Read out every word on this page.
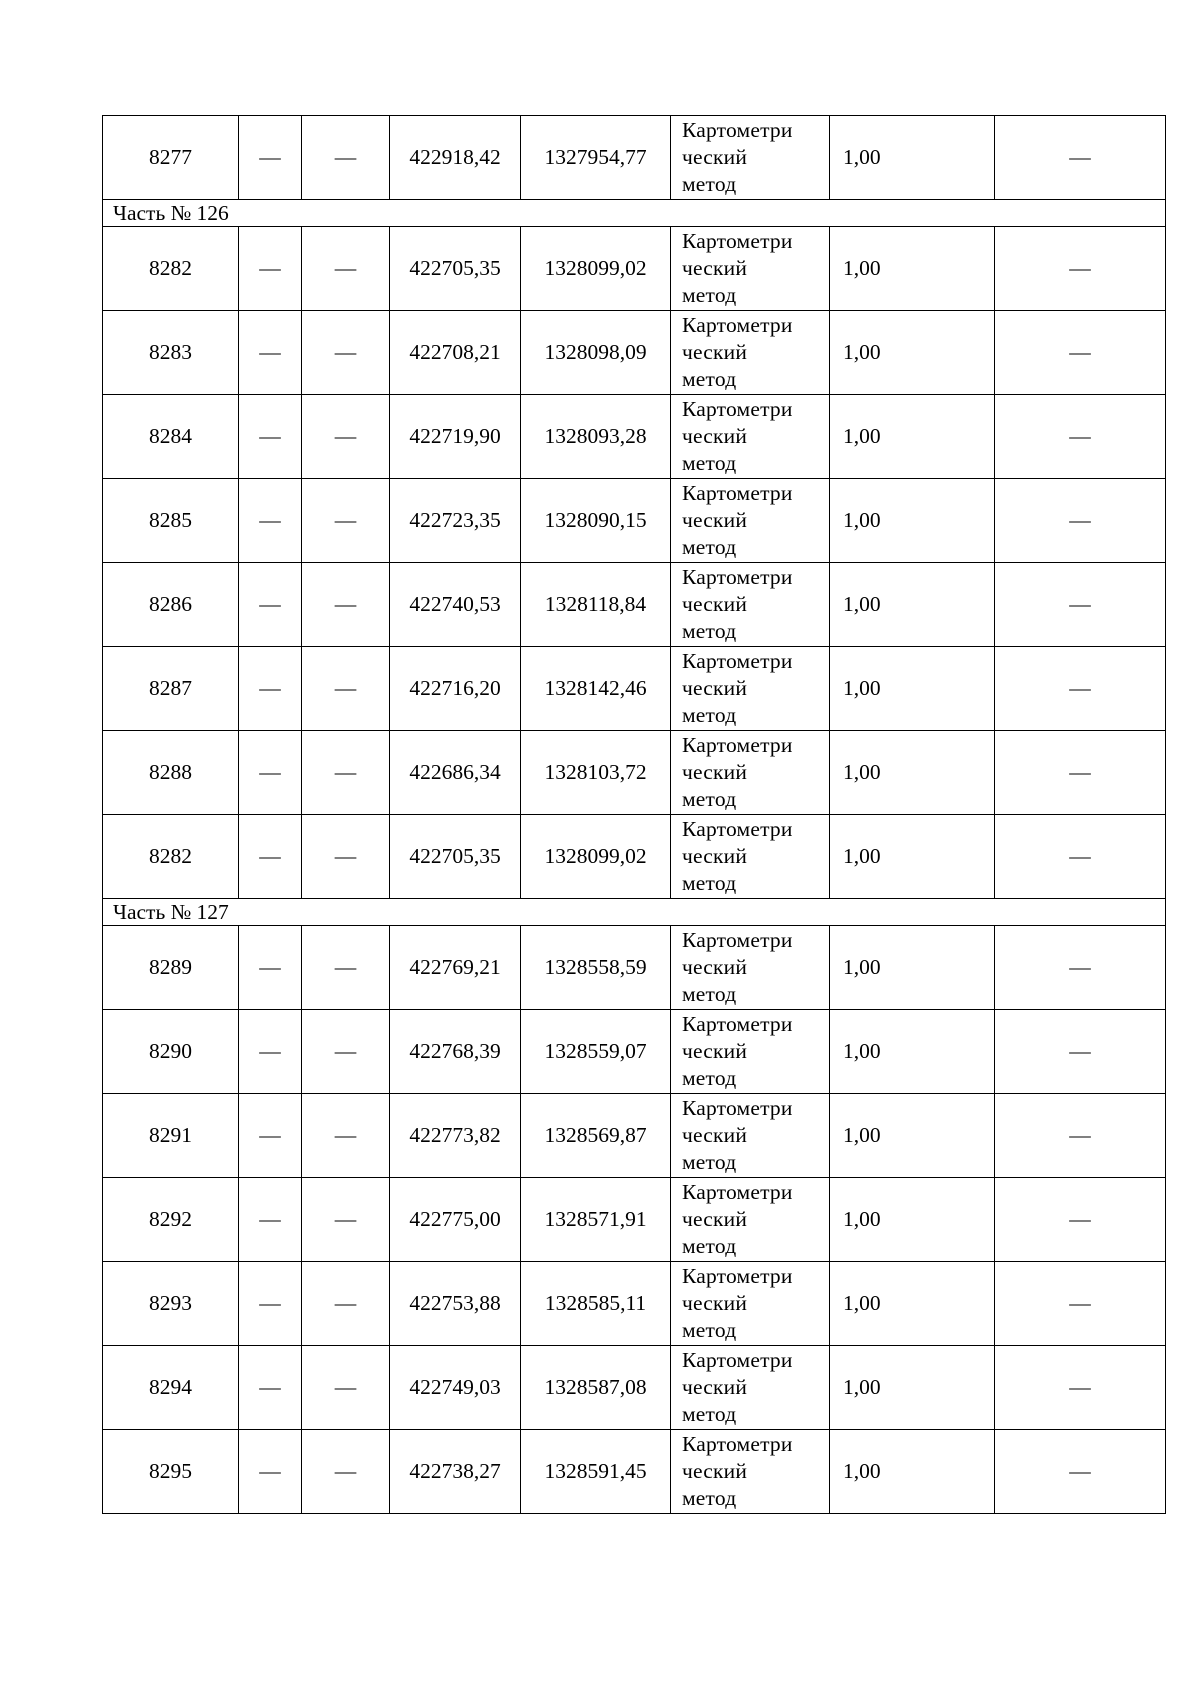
8277	—	—	422918,42	1327954,77	Картометри
ческий
метод	1,00	—
Часть № 126							
8282	—	—	422705,35	1328099,02	Картометри
ческий
метод	1,00	—
8283	—	—	422708,21	1328098,09	Картометри
ческий
метод	1,00	—
8284	—	—	422719,90	1328093,28	Картометри
ческий
метод	1,00	—
8285	—	—	422723,35	1328090,15	Картометри
ческий
метод	1,00	—
8286	—	—	422740,53	1328118,84	Картометри
ческий
метод	1,00	—
8287	—	—	422716,20	1328142,46	Картометри
ческий
метод	1,00	—
8288	—	—	422686,34	1328103,72	Картометри
ческий
метод	1,00	—
8282	—	—	422705,35	1328099,02	Картометри
ческий
метод	1,00	—
Часть № 127							
8289	—	—	422769,21	1328558,59	Картометри
ческий
метод	1,00	—
8290	—	—	422768,39	1328559,07	Картометри
ческий
метод	1,00	—
8291	—	—	422773,82	1328569,87	Картометри
ческий
метод	1,00	—
8292	—	—	422775,00	1328571,91	Картометри
ческий
метод	1,00	—
8293	—	—	422753,88	1328585,11	Картометри
ческий
метод	1,00	—
8294	—	—	422749,03	1328587,08	Картометри
ческий
метод	1,00	—
8295	—	—	422738,27	1328591,45	Картометри
ческий
метод	1,00	—
